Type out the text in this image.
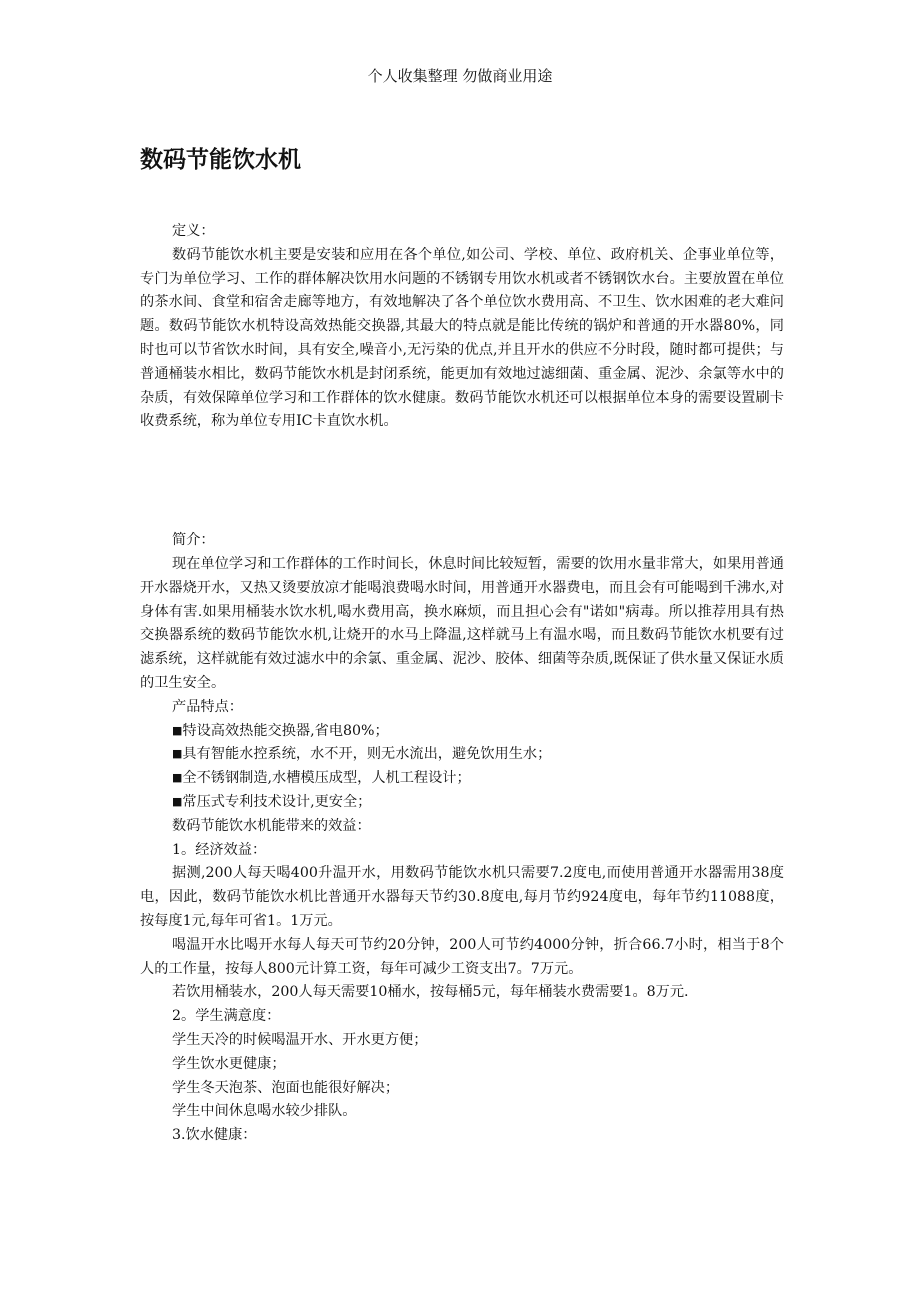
个人收集整理 勿做商业用途
数码节能饮水机

定义：

数码节能饮水机主要是安装和应用在各个单位,如公司、学校、单位、政府机关、企事业单位等，专门为单位学习、工作的群体解决饮用水问题的不锈钢专用饮水机或者不锈钢饮水台。主要放置在单位的茶水间、食堂和宿舍走廊等地方，有效地解决了各个单位饮水费用高、不卫生、饮水困难的老大难问题。数码节能饮水机特设高效热能交换器,其最大的特点就是能比传统的锅炉和普通的开水器80%，同时也可以节省饮水时间，具有安全,噪音小,无污染的优点,并且开水的供应不分时段，随时都可提供；与普通桶装水相比，数码节能饮水机是封闭系统，能更加有效地过滤细菌、重金属、泥沙、余氯等水中的杂质，有效保障单位学习和工作群体的饮水健康。数码节能饮水机还可以根据单位本身的需要设置刷卡收费系统，称为单位专用IC卡直饮水机。

简介：

现在单位学习和工作群体的工作时间长，休息时间比较短暂，需要的饮用水量非常大，如果用普通开水器烧开水，又热又烫要放凉才能喝浪费喝水时间，用普通开水器费电，而且会有可能喝到千沸水,对身体有害.如果用桶装水饮水机,喝水费用高，换水麻烦，而且担心会有"诺如"病毒。所以推荐用具有热交换器系统的数码节能饮水机,让烧开的水马上降温,这样就马上有温水喝，而且数码节能饮水机要有过滤系统，这样就能有效过滤水中的余氯、重金属、泥沙、胶体、细菌等杂质,既保证了供水量又保证水质的卫生安全。

产品特点：

■特设高效热能交换器,省电80%；

■具有智能水控系统，水不开，则无水流出，避免饮用生水；

■全不锈钢制造,水槽模压成型，人机工程设计；

■常压式专利技术设计,更安全；

数码节能饮水机能带来的效益：

1。经济效益：

据测,200人每天喝400升温开水，用数码节能饮水机只需要7.2度电,而使用普通开水器需用38度电，因此，数码节能饮水机比普通开水器每天节约30.8度电,每月节约924度电，每年节约11088度，按每度1元,每年可省1。1万元。

喝温开水比喝开水每人每天可节约20分钟，200人可节约4000分钟，折合66.7小时，相当于8个人的工作量，按每人800元计算工资，每年可减少工资支出7。7万元。

若饮用桶装水，200人每天需要10桶水，按每桶5元，每年桶装水费需要1。8万元.

2。学生满意度：

学生天冷的时候喝温开水、开水更方便；

学生饮水更健康；

学生冬天泡茶、泡面也能很好解决；

学生中间休息喝水较少排队。

3.饮水健康：
